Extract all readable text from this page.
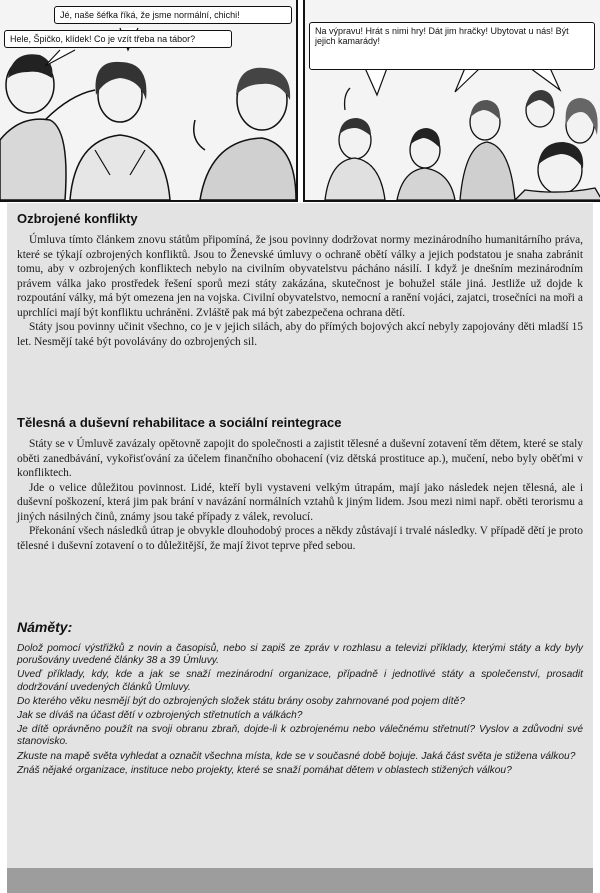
Jé, naše šéfka říká, že jsme normální, chichi!
Hele, Špičko, klídek! Co je vzít třeba na tábor?
Na výpravu! Hrát s nimi hry! Dát jim hračky! Ubytovat u nás! Být jejich kamarády!
Ozbrojené konflikty

Úmluva tímto článkem znovu státům připomíná, že jsou povinny dodržovat normy mezinárodního humanitárního práva, které se týkají ozbrojených konfliktů. Jsou to Ženevské úmluvy o ochraně obětí války a jejich podstatou je snaha zabránit tomu, aby v ozbrojených konfliktech nebylo na civilním obyvatelstvu pácháno násilí. I když je dnešním mezinárodním právem válka jako prostředek řešení sporů mezi státy zakázána, skutečnost je bohužel stále jiná. Jestliže už dojde k rozpoutání války, má být omezena jen na vojska. Civilní obyvatelstvo, nemocní a ranění vojáci, zajatci, trosečníci na moři a uprchlíci mají být konfliktu uchráněni. Zvláště pak má být zabezpečena ochrana dětí.

Státy jsou povinny učinit všechno, co je v jejich silách, aby do přímých bojových akcí nebyly zapojovány děti mladší 15 let. Nesmějí také být povolávány do ozbrojených sil.

Tělesná a duševní rehabilitace a sociální reintegrace

Státy se v Úmluvě zavázaly opětovně zapojit do společnosti a zajistit tělesné a duševní zotavení těm dětem, které se staly oběti zanedbávání, vykořisťování za účelem finančního obohacení (viz dětská prostituce ap.), mučení, nebo byly oběťmi v konfliktech.

Jde o velice důležitou povinnost. Lidé, kteří byli vystaveni velkým útrapám, mají jako následek nejen tělesná, ale i duševní poškození, která jim pak brání v navázání normálních vztahů k jiným lidem. Jsou mezi nimi např. oběti terorismu a jiných násilných činů, známy jsou také případy z válek, revolucí.

Překonání všech následků útrap je obvykle dlouhodobý proces a někdy zůstávají i trvalé následky. V případě dětí je proto tělesné i duševní zotavení o to důležitější, že mají život teprve před sebou.

Náměty:

Dolož pomocí výstřižků z novin a časopisů, nebo si zapiš ze zpráv v rozhlasu a televizi příklady, kterými státy a kdy byly porušovány uvedené články 38 a 39 Úmluvy.

Uveď příklady, kdy, kde a jak se snaží mezinárodní organizace, případně i jednotlivé státy a společenství, prosadit dodržování uvedených článků Úmluvy.

Do kterého věku nesmějí být do ozbrojených složek státu brány osoby zahrnované pod pojem dítě?

Jak se díváš na účast dětí v ozbrojených střetnutích a válkách?

Je dítě oprávněno použít na svoji obranu zbraň, dojde-li k ozbrojenému nebo válečnému střetnutí? Vyslov a zdůvodni své stanovisko.

Zkuste na mapě světa vyhledat a označit všechna místa, kde se v současné době bojuje. Jaká část světa je stižena válkou?

Znáš nějaké organizace, instituce nebo projekty, které se snaží pomáhat dětem v oblastech stižených válkou?
